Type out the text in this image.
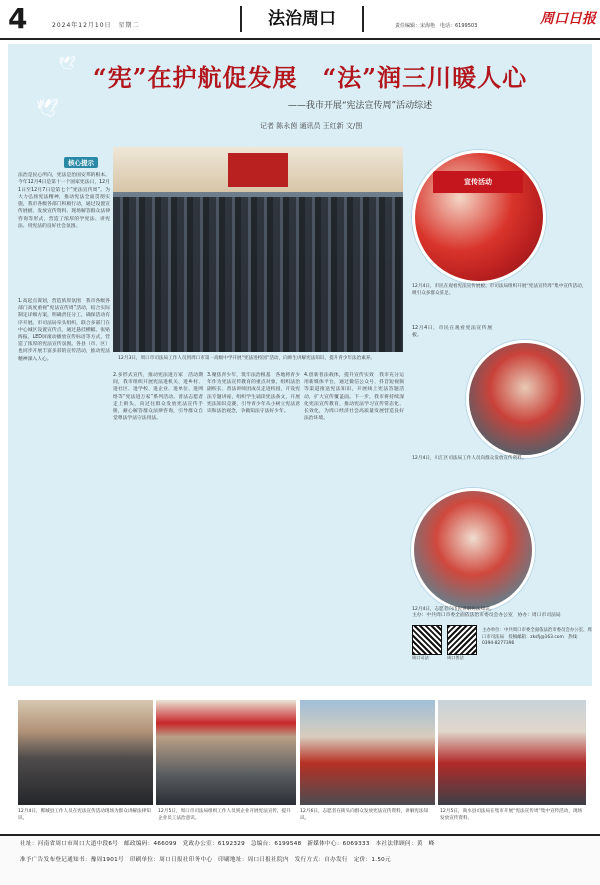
4	2024年12月10日　星期二	法治周口	责任编辑：宋海艳　电话：6199503	周口日报
🕊
🕊
“宪”在护航促发展　“法”润三川暖人心
——我市开展“宪法宣传周”活动综述
记者 陈永茵 通讯员 王红新 文/图
核心提示
法治是民心所向，宪法是治国安邦的根本。今年12月4日是第十一个国家宪法日，12月1日至12月7日是第七个“宪法宣传周”。为大力弘扬宪法精神，推动宪法全面贯彻实施，我市各级各部门积极行动，通过设置宣传展板、发放宣传资料、现场解答群众法律咨询等形式，营造了浓厚的学宪法、讲宪法、用宪法的良好社会氛围。
12月3日，周口市司法局工作人员到周口市第一高级中学开展“宪法进校园”活动，向师生讲解宪法知识，提升青少年法治素养。
宣传活动
12月4日，市民在观看宪法宣传展板。市司法局组织开展“宪法宣传周”集中宣传活动，吸引众多群众驻足。
12月4日，川汇区司法局工作人员向群众发放宣传资料。
12月4日，志愿者向市民讲解宪法知识。
1.高起点谋划，营造浓厚氛围　我市各级各部门高度重视“宪法宣传周”活动，结合实际制定详细方案，明确责任分工，确保活动有序开展。市司法局牵头组织，联合多部门在中心城区设置宣传点，通过悬挂横幅、张贴海报、LED屏滚动播放宣传标语等方式，营造了浓厚的宪法宣传氛围。各县（市、区）也同步开展丰富多彩的宣传活动，推动宪法精神深入人心。
2.多形式宣传，推动宪法进万家　活动期间，我市组织开展宪法进机关、进乡村、进社区、进学校、进企业、进单位、进网络等“宪法进万家”系列活动。普法志愿者走上街头，向过往群众发放宪法宣传手册，耐心解答群众法律咨询，引导群众自觉尊法学法守法用法。
3.聚焦青少年，筑牢法治根基　各地将青少年作为宪法宣传教育的重点对象，组织法治副校长、普法讲师团成员走进校园，开设宪法专题讲座，组织学生诵读宪法条文，开展宪法知识竞赛，引导青少年从小树立宪法意识和法治观念，争做知法守法好少年。
4.创新普法载体，提升宣传实效　我市充分运用新媒体平台，通过微信公众号、抖音短视频等渠道推送宪法知识，开展线上宪法答题活动，扩大宣传覆盖面。下一步，我市将持续深化宪法宣传教育，推动宪法学习宣传常态化、长效化，为周口经济社会高质量发展营造良好法治环境。
12月4日，市民在观看宪法宣传展板。
主办：中共周口市委全面依法治市委员会办公室　协办：周口市司法局
周口司法	周口普法
主办单位：中共周口市委全面依法治市委员会办公室、周口市司法局　投稿邮箱：zksfj@163.com　热线：0394-8277396
12月4日，郸城县工作人员在宪法宣传活动现场为群众讲解法律知识。
12月5日，周口市司法局组织工作人员到企业开展宪法宣传，提升企业员工法治意识。
12月6日，志愿者在街头向群众发放宪法宣传资料，讲解宪法知识。
12月5日，商水县司法局在集市开展“宪法宣传周”集中宣传活动，现场发放宣传资料。
社址：河南省周口市周口大道中段6号　邮政编码：466099　党政办公室：6192329　急编台：6199548　新媒体中心：6069333　本社法律顾问：黄　峰
准予广告发布登记通知书：豫周1901号　印刷单位：周口日报社印务中心　印刷地址：周口日报社院内　发行方式：自办发行　定价：1.50元
